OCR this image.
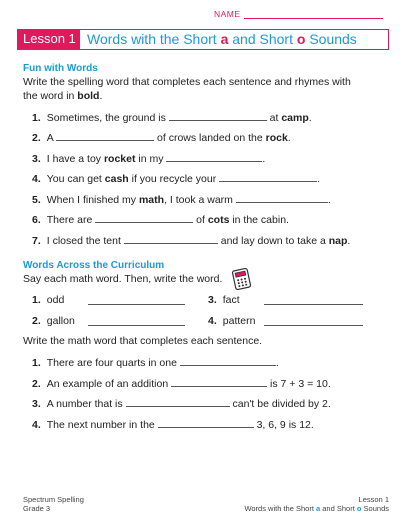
NAME
Lesson 1 Words with the Short a and Short o Sounds
Fun with Words
Write the spelling word that completes each sentence and rhymes with
the word in bold.
1. Sometimes, the ground is	at camp.
2. A	of crows landed on the rock.
3. I have a toy rocket in my	.
4. You can get cash if you recycle your	.
5. When I finished my math, I took a warm	.
6. There are	of cots in the cabin.
7. I closed the tent	and lay down to take a nap.
Words Across the Curriculum
Say each math word. Then, write the word.
1. odd
2. gallon
3. fact
4. pattern
Write the math word that completes each sentence.
1. There are four quarts in one	.
2. An example of an addition	is 7 + 3 = 10.
3. A number that is	can't be divided by 2.
4. The next number in the	3, 6, 9 is 12.
Spectrum Spelling
Grade 3
Lesson 1
Words with the Short a and Short o Sounds
